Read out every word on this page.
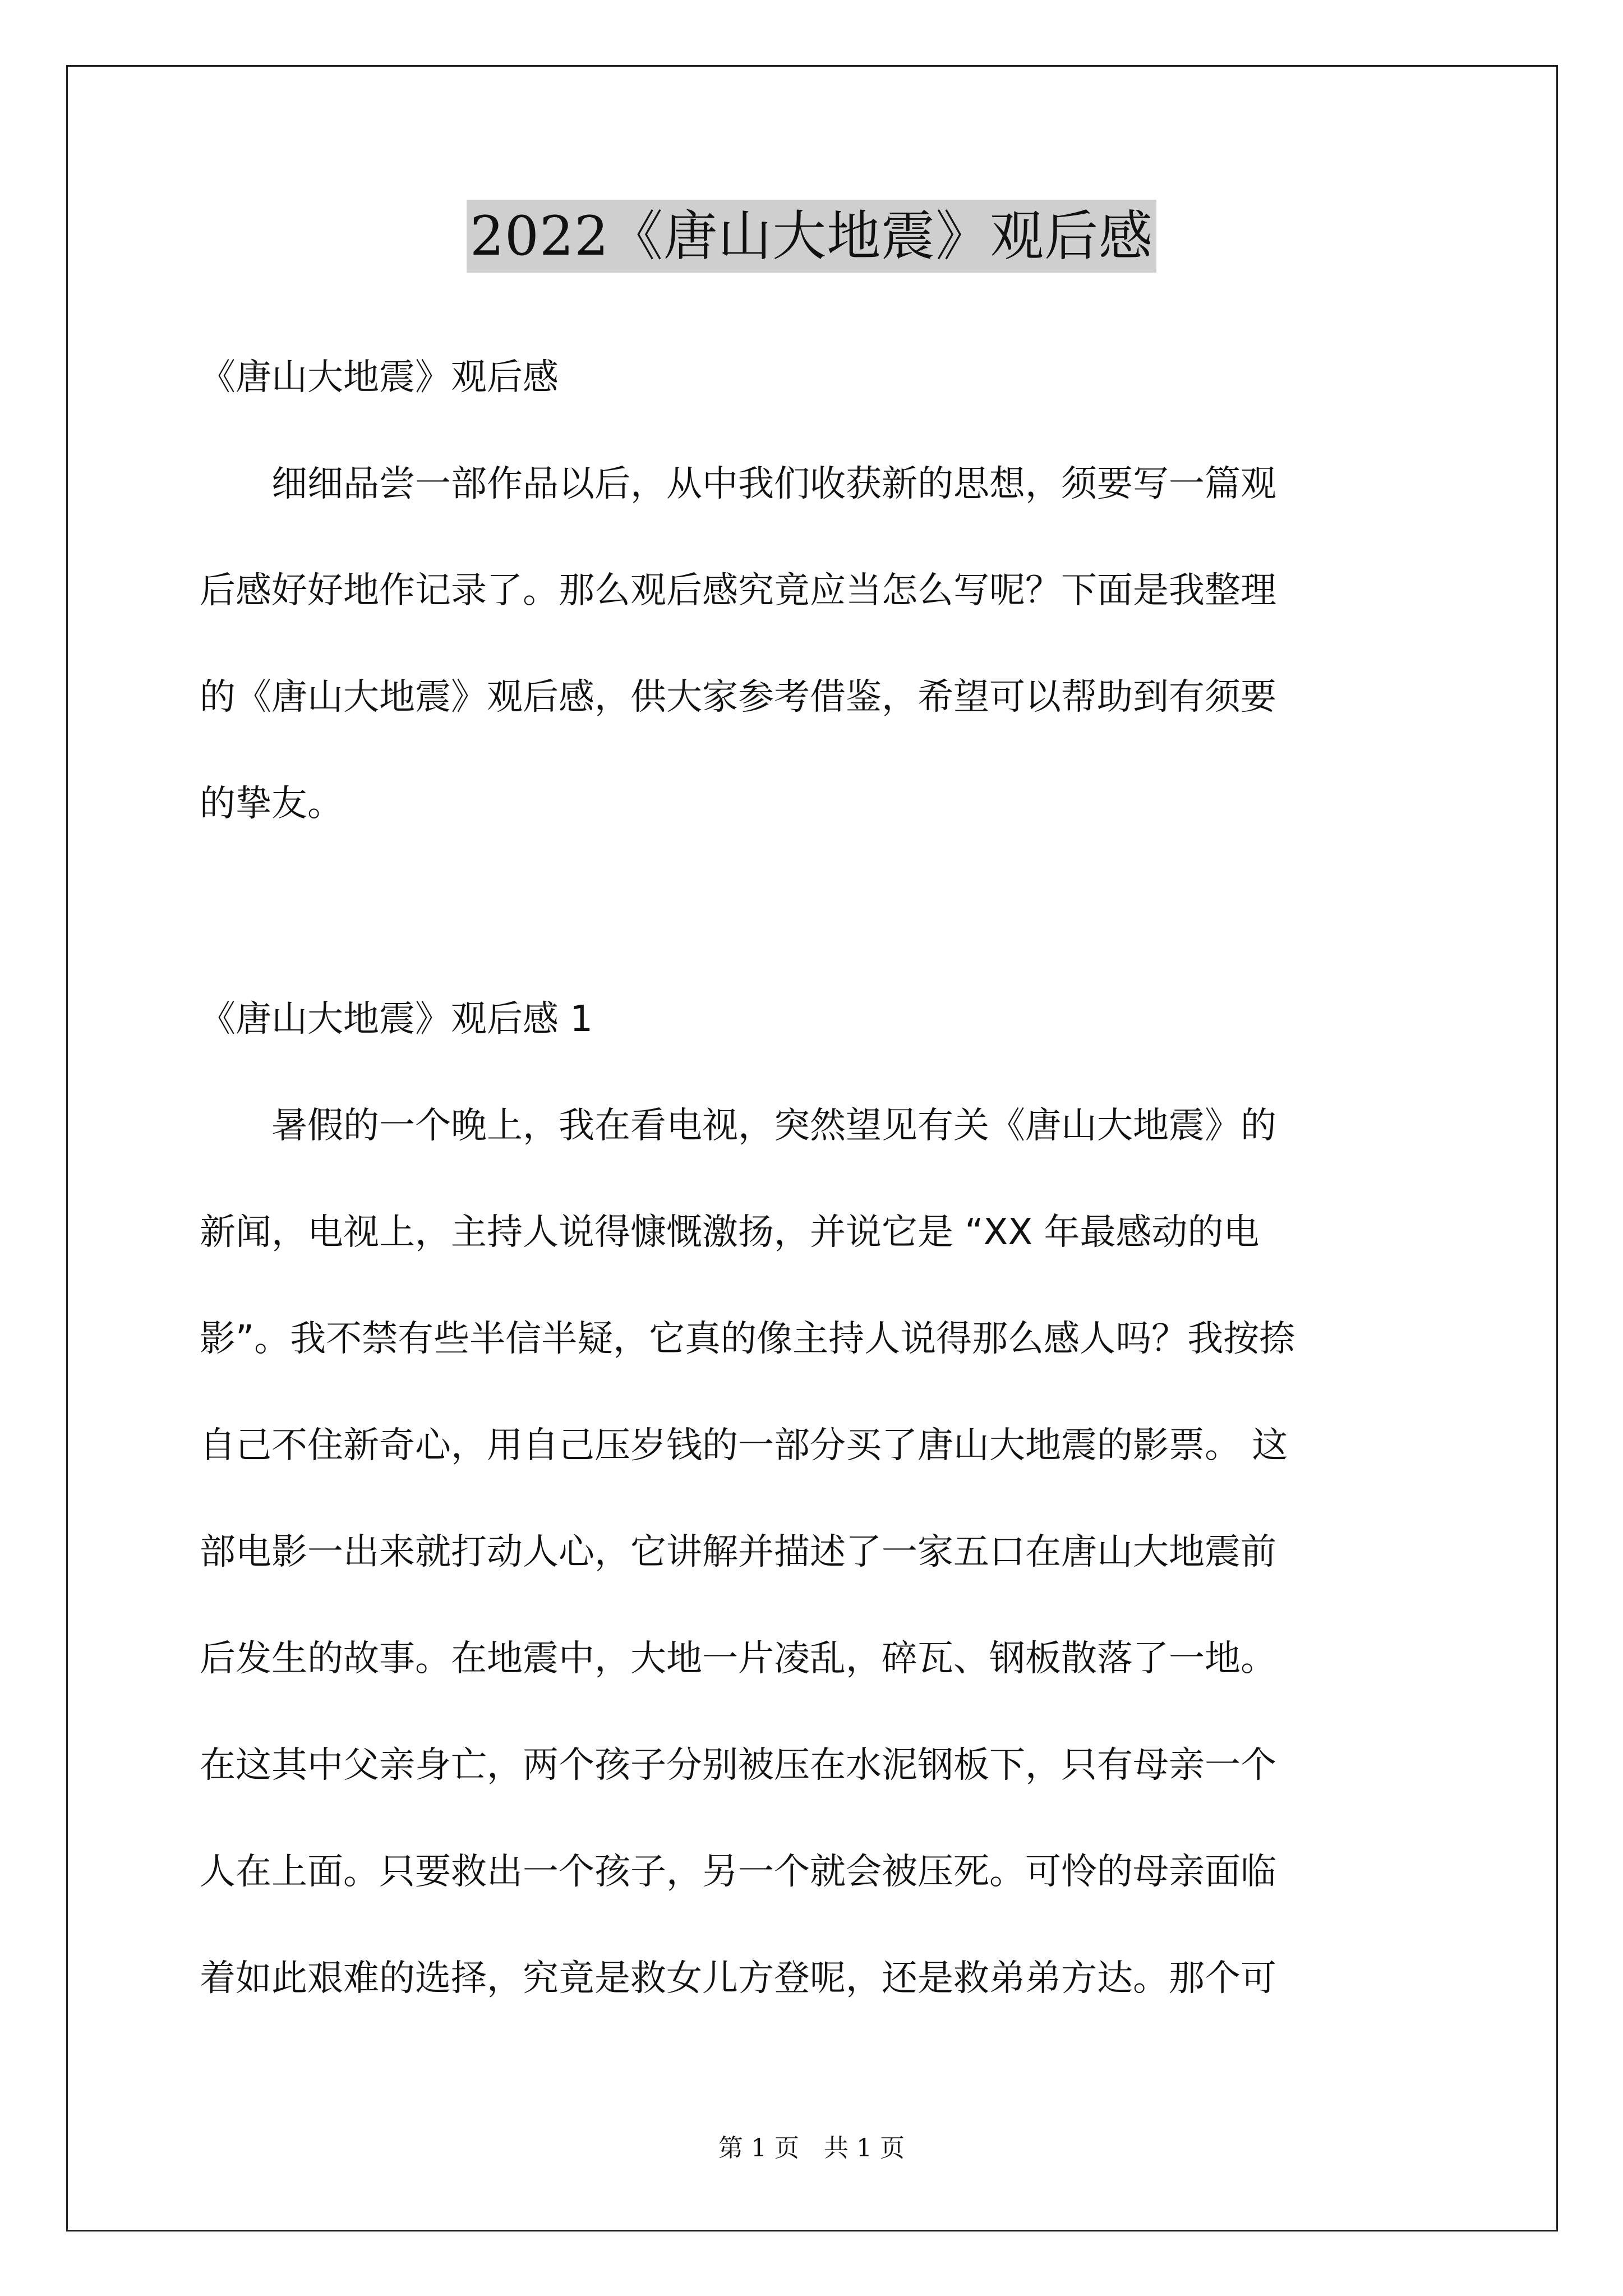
2022《唐山大地震》观后感
《唐山大地震》观后感
　　细细品尝一部作品以后，从中我们收获新的思想，须要写一篇观
后感好好地作记录了。那么观后感究竟应当怎么写呢？下面是我整理
的《唐山大地震》观后感，供大家参考借鉴，希望可以帮助到有须要
的挚友。
《唐山大地震》观后感 1
　　暑假的一个晚上，我在看电视，突然望见有关《唐山大地震》的
新闻，电视上，主持人说得慷慨激扬，并说它是 “XX 年最感动的电
影”。我不禁有些半信半疑，它真的像主持人说得那么感人吗？我按捺
自己不住新奇心，用自己压岁钱的一部分买了唐山大地震的影票。 这
部电影一出来就打动人心，它讲解并描述了一家五口在唐山大地震前
后发生的故事。在地震中，大地一片凌乱，碎瓦、钢板散落了一地。
在这其中父亲身亡，两个孩子分别被压在水泥钢板下，只有母亲一个
人在上面。只要救出一个孩子，另一个就会被压死。可怜的母亲面临
着如此艰难的选择，究竟是救女儿方登呢，还是救弟弟方达。那个可
第 1 页　共 1 页
